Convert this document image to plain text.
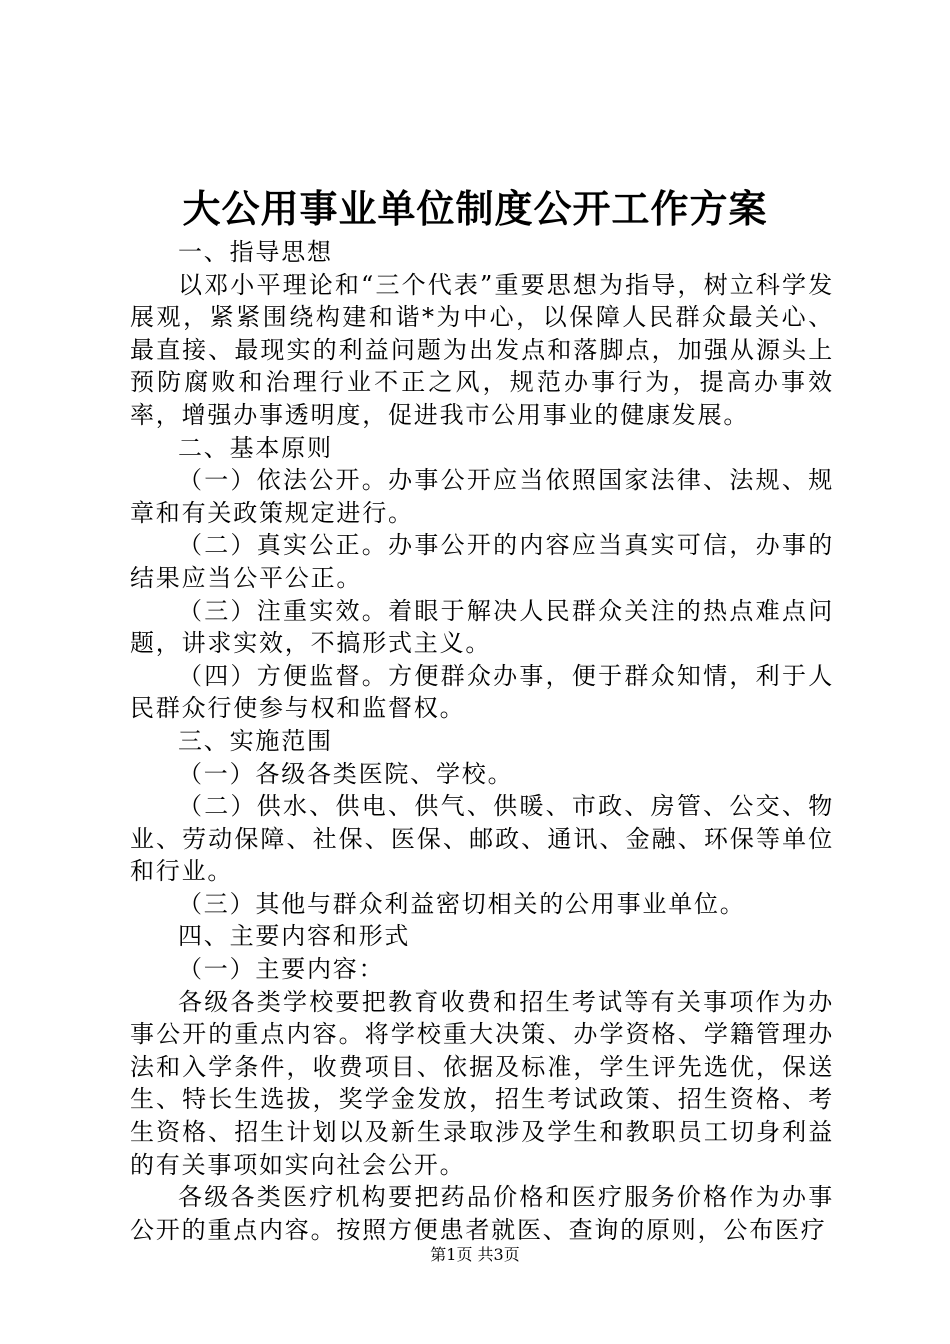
大公用事业单位制度公开工作方案

一、指导思想

以邓小平理论和“三个代表”重要思想为指导，树立科学发展观，紧紧围绕构建和谐*为中心，以保障人民群众最关心、最直接、最现实的利益问题为出发点和落脚点，加强从源头上预防腐败和治理行业不正之风，规范办事行为，提高办事效率，增强办事透明度，促进我市公用事业的健康发展。

二、基本原则

（一）依法公开。办事公开应当依照国家法律、法规、规章和有关政策规定进行。

（二）真实公正。办事公开的内容应当真实可信，办事的结果应当公平公正。

（三）注重实效。着眼于解决人民群众关注的热点难点问题，讲求实效，不搞形式主义。

（四）方便监督。方便群众办事，便于群众知情，利于人民群众行使参与权和监督权。

三、实施范围

（一）各级各类医院、学校。

（二）供水、供电、供气、供暖、市政、房管、公交、物业、劳动保障、社保、医保、邮政、通讯、金融、环保等单位和行业。

（三）其他与群众利益密切相关的公用事业单位。

四、主要内容和形式

（一）主要内容：

各级各类学校要把教育收费和招生考试等有关事项作为办事公开的重点内容。将学校重大决策、办学资格、学籍管理办法和入学条件，收费项目、依据及标准，学生评先选优，保送生、特长生选拔，奖学金发放，招生考试政策、招生资格、考生资格、招生计划以及新生录取涉及学生和教职员工切身利益的有关事项如实向社会公开。

各级各类医疗机构要把药品价格和医疗服务价格作为办事公开的重点内容。按照方便患者就医、查询的原则，公布医疗

第1页 共3页
